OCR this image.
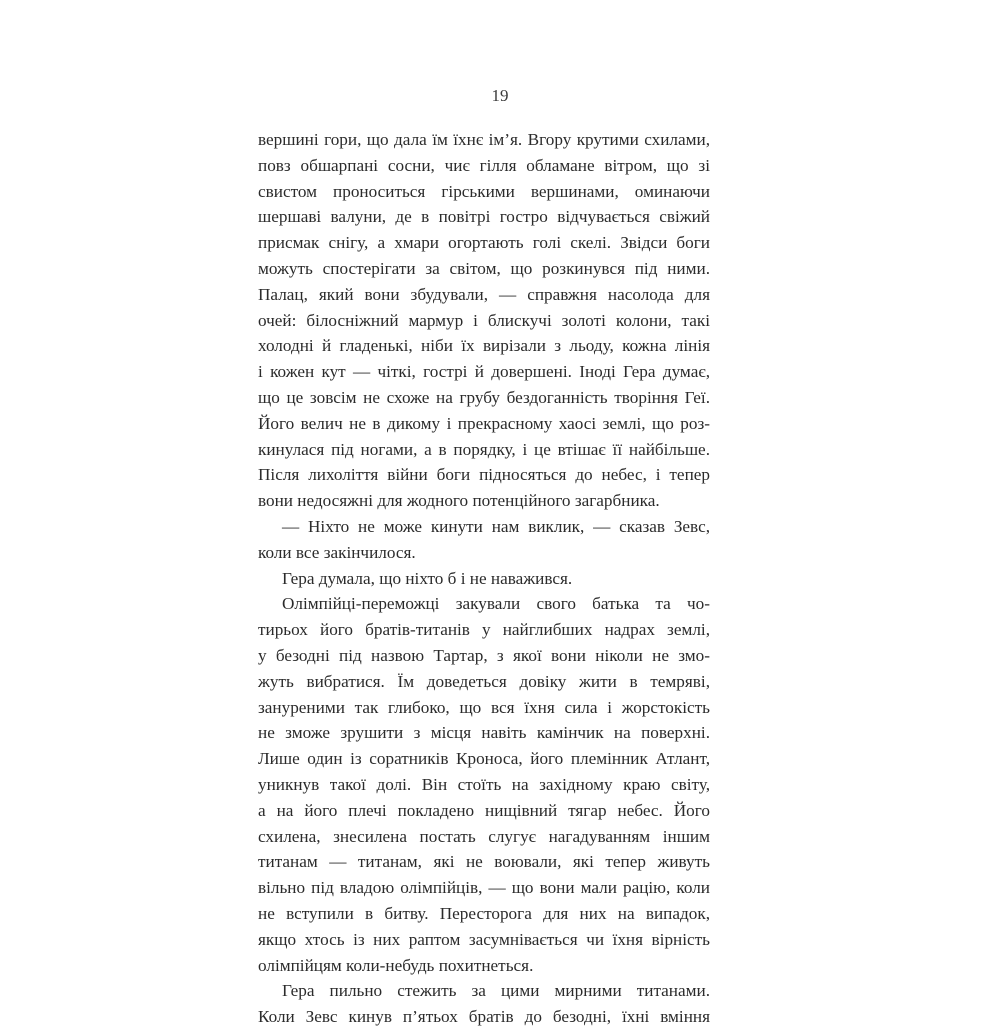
19

вершині гори, що дала їм їхнє ім’я. Вгору крутими схилами,
повз обшарпані сосни, чиє гілля обламане вітром, що зі
свистом проноситься гірськими вершинами, оминаючи
шершаві валуни, де в повітрі гостро відчувається свіжий
присмак снігу, а хмари огортають голі скелі. Звідси боги
можуть спостерігати за світом, що розкинувся під ними.
Палац, який вони збудували, — справжня насолода для
очей: білосніжний мармур і блискучі золоті колони, такі
холодні й гладенькі, ніби їх вирізали з льоду, кожна лінія
і кожен кут — чіткі, гострі й довершені. Іноді Гера думає,
що це зовсім не схоже на грубу бездоганність творіння Геї.
Його велич не в дикому і прекрасному хаосі землі, що роз-
кинулася під ногами, а в порядку, і це втішає її найбільше.
Після лихоліття війни боги підносяться до небес, і тепер
вони недосяжні для жодного потенційного загарбника.
— Ніхто не може кинути нам виклик, — сказав Зевс,
коли все закінчилося.
Гера думала, що ніхто б і не наважився.
Олімпійці-переможці закували свого батька та чо-
тирьох його братів-титанів у найглибших надрах землі,
у безодні під назвою Тартар, з якої вони ніколи не змо-
жуть вибратися. Їм доведеться довіку жити в темряві,
зануреними так глибоко, що вся їхня сила і жорстокість
не зможе зрушити з місця навіть камінчик на поверхні.
Лише один із соратників Кроноса, його племінник Атлант,
уникнув такої долі. Він стоїть на західному краю світу,
а на його плечі покладено нищівний тягар небес. Його
схилена, знесилена постать слугує нагадуванням іншим
титанам — титанам, які не воювали, які тепер живуть
вільно під владою олімпійців, — що вони мали рацію, коли
не вступили в битву. Пересторога для них на випадок,
якщо хтось із них раптом засумнівається чи їхня вірність
олімпійцям коли-небудь похитнеться.
Гера пильно стежить за цими мирними титанами.
Коли Зевс кинув п’ятьох братів до безодні, їхні вміння
